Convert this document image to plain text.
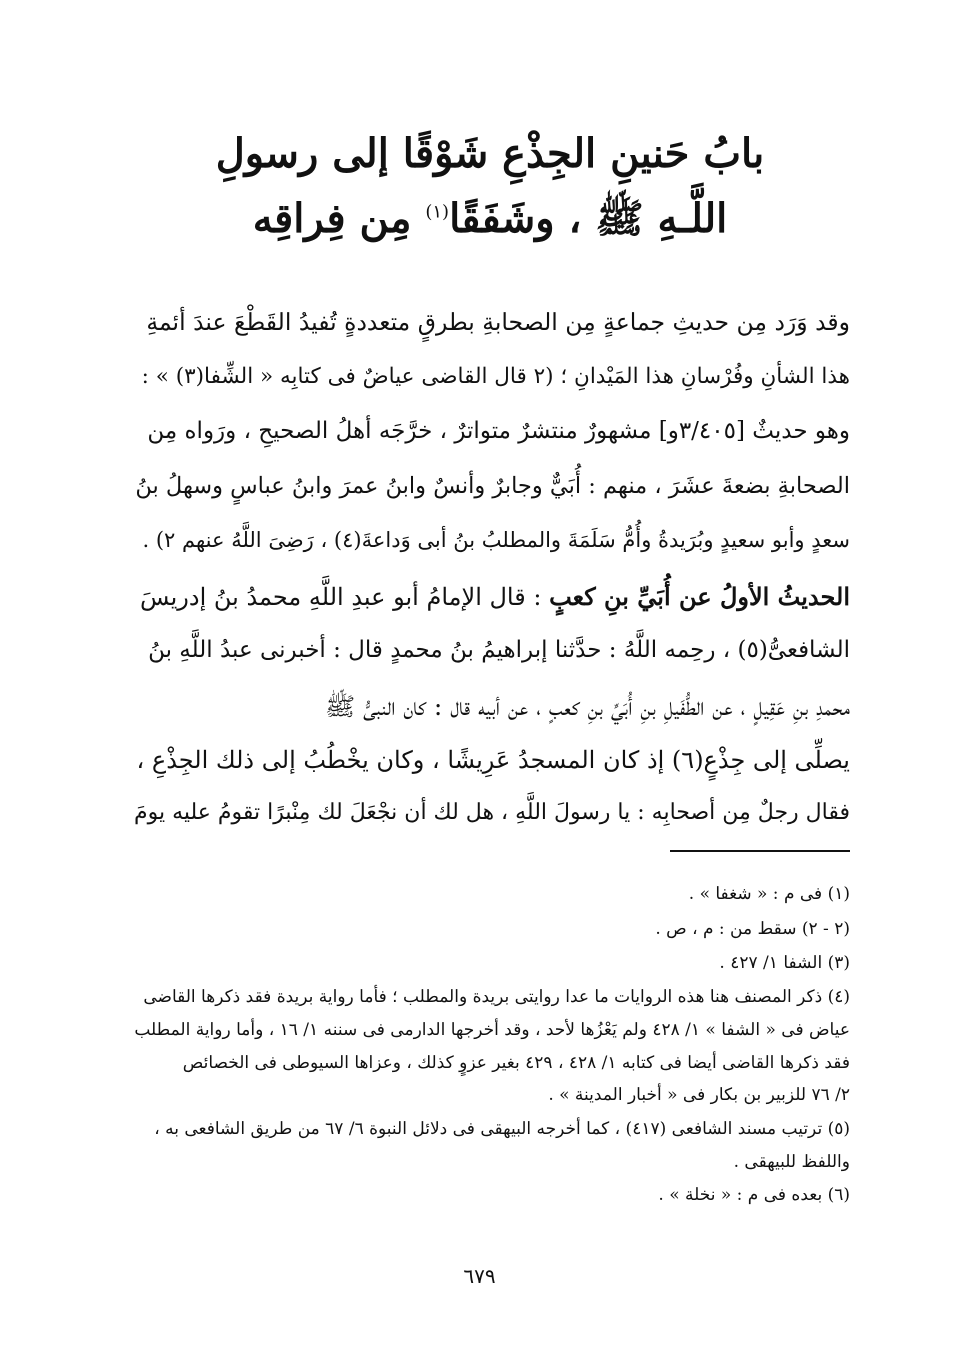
بابُ حَنينِ الجِذْعِ شَوْقًا إلى رسولِ
اللَّـهِ ﷺ ، وشَفَقًا$^{(١)}$ مِن فِراقِه
وقد وَرَد مِن حديثِ جماعةٍ مِن الصحابةِ بطرقٍ متعددةٍ تُفيدُ القَطْعَ عندَ أئمةِ
هذا الشأنِ وفُرْسانِ هذا المَيْدانِ ؛ (٢ قال القاضى عياضٌ فى كتابِه « الشِّفا(٣) » :
وهو حديثٌ [٣/٤٠٥و] مشهورٌ منتشرٌ متواترٌ ، خرَّجَه أهلُ الصحيحِ ، ورَواه مِن
الصحابةِ بضعةَ عشَرَ ، منهم : أُبَيٌّ وجابرٌ وأنسٌ وابنُ عمرَ وابنُ عباسٍ وسهلُ بنُ
سعدٍ وأبو سعيدٍ وبُرَيدةُ وأُمُّ سَلَمَةَ والمطلبُ بنُ أبى وَداعةَ(٤) ، رَضِىَ اللَّهُ عنهم ٢) .
الحديثُ الأولُ عن أُبَيِّ بنِ كعبٍ : قال الإمامُ أبو عبدِ اللَّهِ محمدُ بنُ إدريسَ
الشافعىُّ(٥) ، رحِمه اللَّهُ : حدَّثنا إبراهيمُ بنُ محمدٍ قال : أخبرنى عبدُ اللَّهِ بنُ
محمدِ بنِ عَقِيلٍ ، عن الطُّفَيلِ بنِ أُبَيِّ بنِ كعبٍ ، عن أبيه قال : كان النبىُّ ﷺ
يصلِّى إلى جِذْعٍ(٦) إذ كان المسجدُ عَرِيشًا ، وكان يخْطُبُ إلى ذلك الجِذْعِ ،
فقال رجلٌ مِن أصحابِه : يا رسولَ اللَّهِ ، هل لك أن نجْعَلَ لك مِنْبرًا تقومُ عليه يومَ
(١) فى م : « شغفا » .
(٢ - ٢) سقط من : م ، ص .
(٣) الشفا ١/ ٤٢٧ .
(٤) ذكر المصنف هنا هذه الروايات ما عدا روايتى بريدة والمطلب ؛ فأما رواية بريدة فقد ذكرها القاضى
عياض فى « الشفا » ١/ ٤٢٨ ولم يَعْزُها لأحد ، وقد أخرجها الدارمى فى سننه ١/ ١٦ ، وأما رواية المطلب
فقد ذكرها القاضى أيضا فى كتابه ١/ ٤٢٨ ، ٤٢٩ بغير عزوٍ كذلك ، وعزاها السيوطى فى الخصائص
٢/ ٧٦ للزبير بن بكار فى « أخبار المدينة » .
(٥) ترتيب مسند الشافعى (٤١٧) ، كما أخرجه البيهقى فى دلائل النبوة ٦/ ٦٧ من طريق الشافعى به ،
واللفظ للبيهقى .
(٦) بعده فى م : « نخلة » .
٦٧٩
